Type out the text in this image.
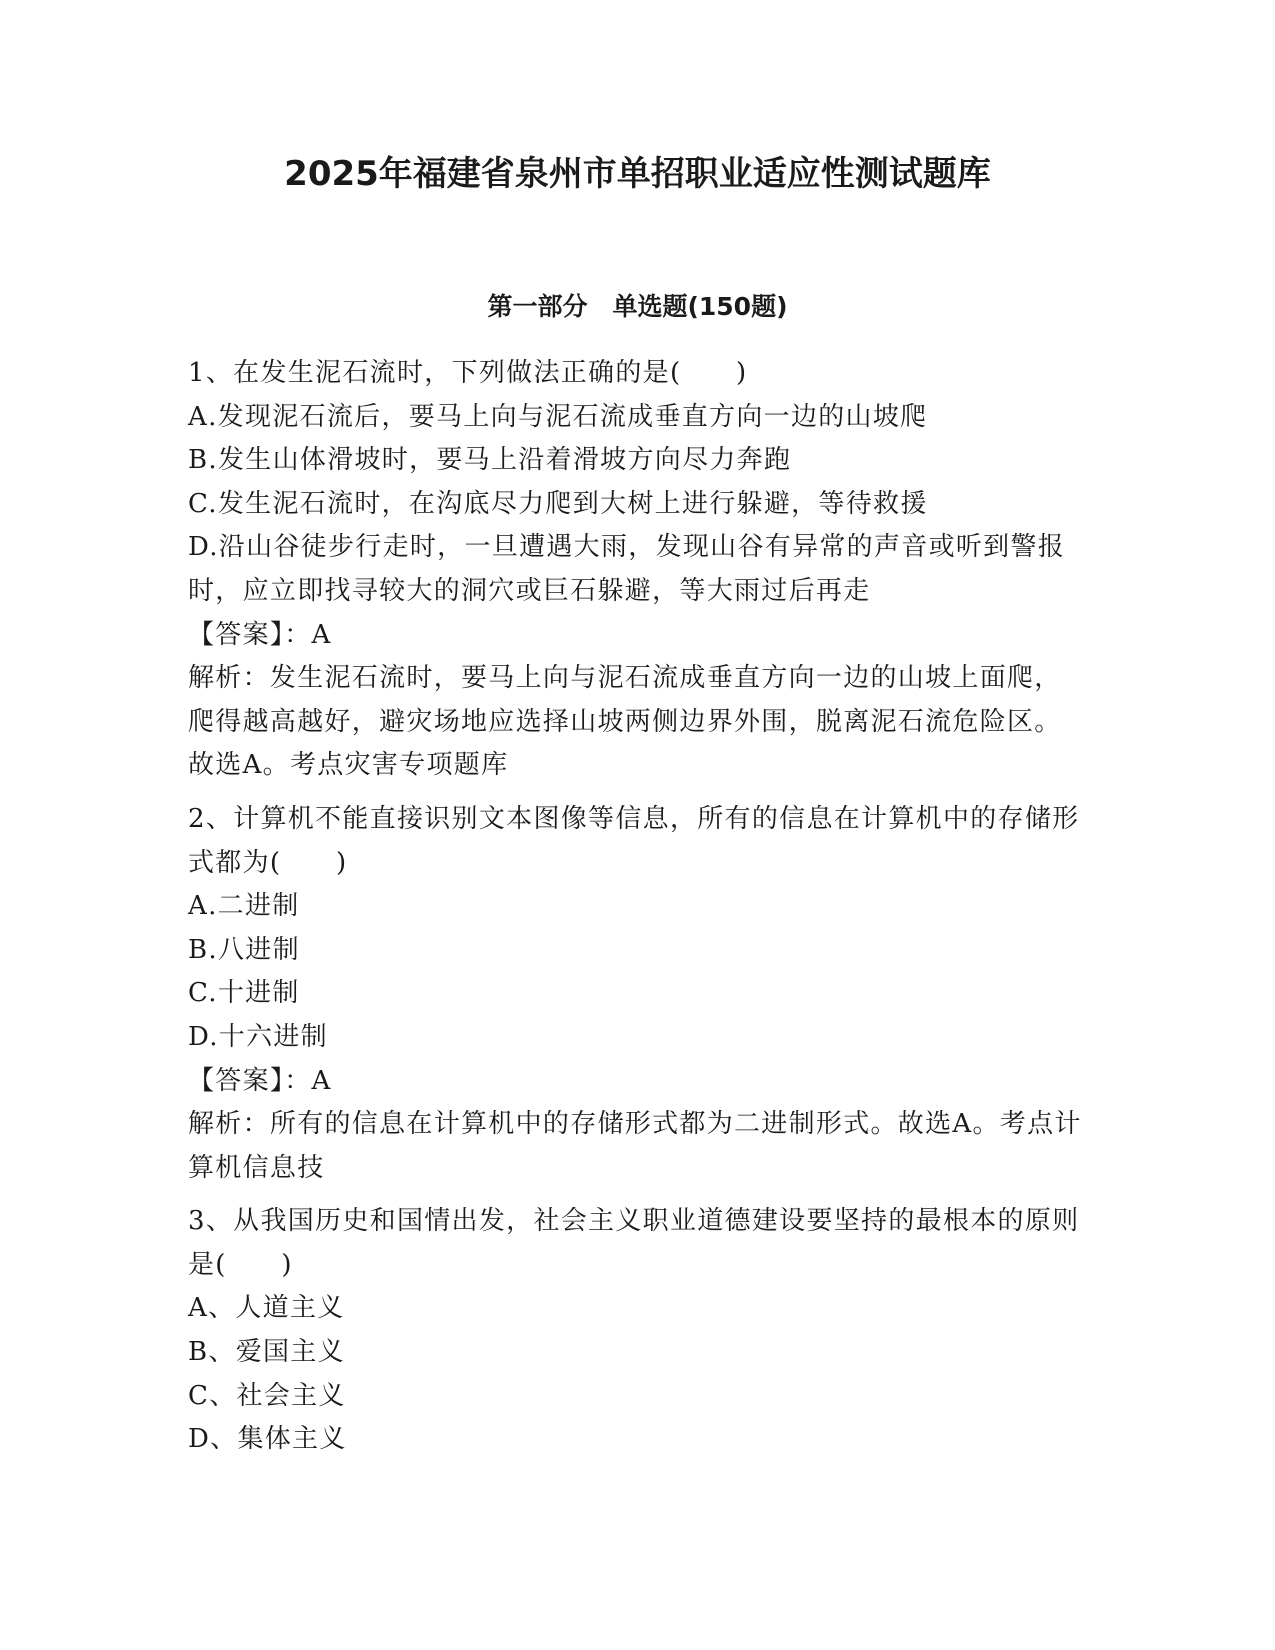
2025年福建省泉州市单招职业适应性测试题库
第一部分　单选题(150题)
1、在发生泥石流时，下列做法正确的是(　　)
A.发现泥石流后，要马上向与泥石流成垂直方向一边的山坡爬
B.发生山体滑坡时，要马上沿着滑坡方向尽力奔跑
C.发生泥石流时，在沟底尽力爬到大树上进行躲避，等待救援
D.沿山谷徒步行走时，一旦遭遇大雨，发现山谷有异常的声音或听到警报时，应立即找寻较大的洞穴或巨石躲避，等大雨过后再走
【答案】：A
解析：发生泥石流时，要马上向与泥石流成垂直方向一边的山坡上面爬，爬得越高越好，避灾场地应选择山坡两侧边界外围，脱离泥石流危险区。故选A。考点灾害专项题库
2、计算机不能直接识别文本图像等信息，所有的信息在计算机中的存储形式都为(　　)
A.二进制
B.八进制
C.十进制
D.十六进制
【答案】：A
解析：所有的信息在计算机中的存储形式都为二进制形式。故选A。考点计算机信息技
3、从我国历史和国情出发，社会主义职业道德建设要坚持的最根本的原则是(　　)
A、人道主义
B、爱国主义
C、社会主义
D、集体主义
